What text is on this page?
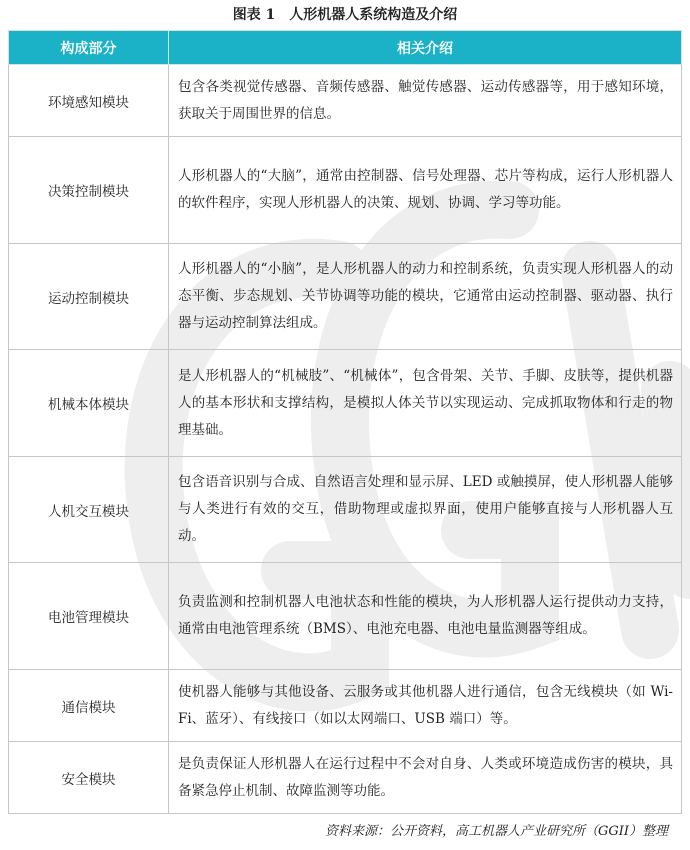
图表 1　人形机器人系统构造及介绍
构成部分	相关介绍
环境感知模块	包含各类视觉传感器、音频传感器、触觉传感器、运动传感器等，用于感知环境，获取关于周围世界的信息。
决策控制模块	人形机器人的“大脑”，通常由控制器、信号处理器、芯片等构成，运行人形机器人的软件程序，实现人形机器人的决策、规划、协调、学习等功能。
运动控制模块	人形机器人的“小脑”，是人形机器人的动力和控制系统，负责实现人形机器人的动态平衡、步态规划、关节协调等功能的模块，它通常由运动控制器、驱动器、执行器与运动控制算法组成。
机械本体模块	是人形机器人的“机械肢”、“机械体”，包含骨架、关节、手脚、皮肤等，提供机器人的基本形状和支撑结构，是模拟人体关节以实现运动、完成抓取物体和行走的物理基础。
人机交互模块	包含语音识别与合成、自然语言处理和显示屏、LED 或触摸屏，使人形机器人能够与人类进行有效的交互，借助物理或虚拟界面，使用户能够直接与人形机器人互动。
电池管理模块	负责监测和控制机器人电池状态和性能的模块，为人形机器人运行提供动力支持，通常由电池管理系统（BMS）、电池充电器、电池电量监测器等组成。
通信模块	使机器人能够与其他设备、云服务或其他机器人进行通信，包含无线模块（如 Wi-Fi、蓝牙）、有线接口（如以太网端口、USB 端口）等。
安全模块	是负责保证人形机器人在运行过程中不会对自身、人类或环境造成伤害的模块，具备紧急停止机制、故障监测等功能。
资料来源：公开资料，高工机器人产业研究所（GGII）整理
